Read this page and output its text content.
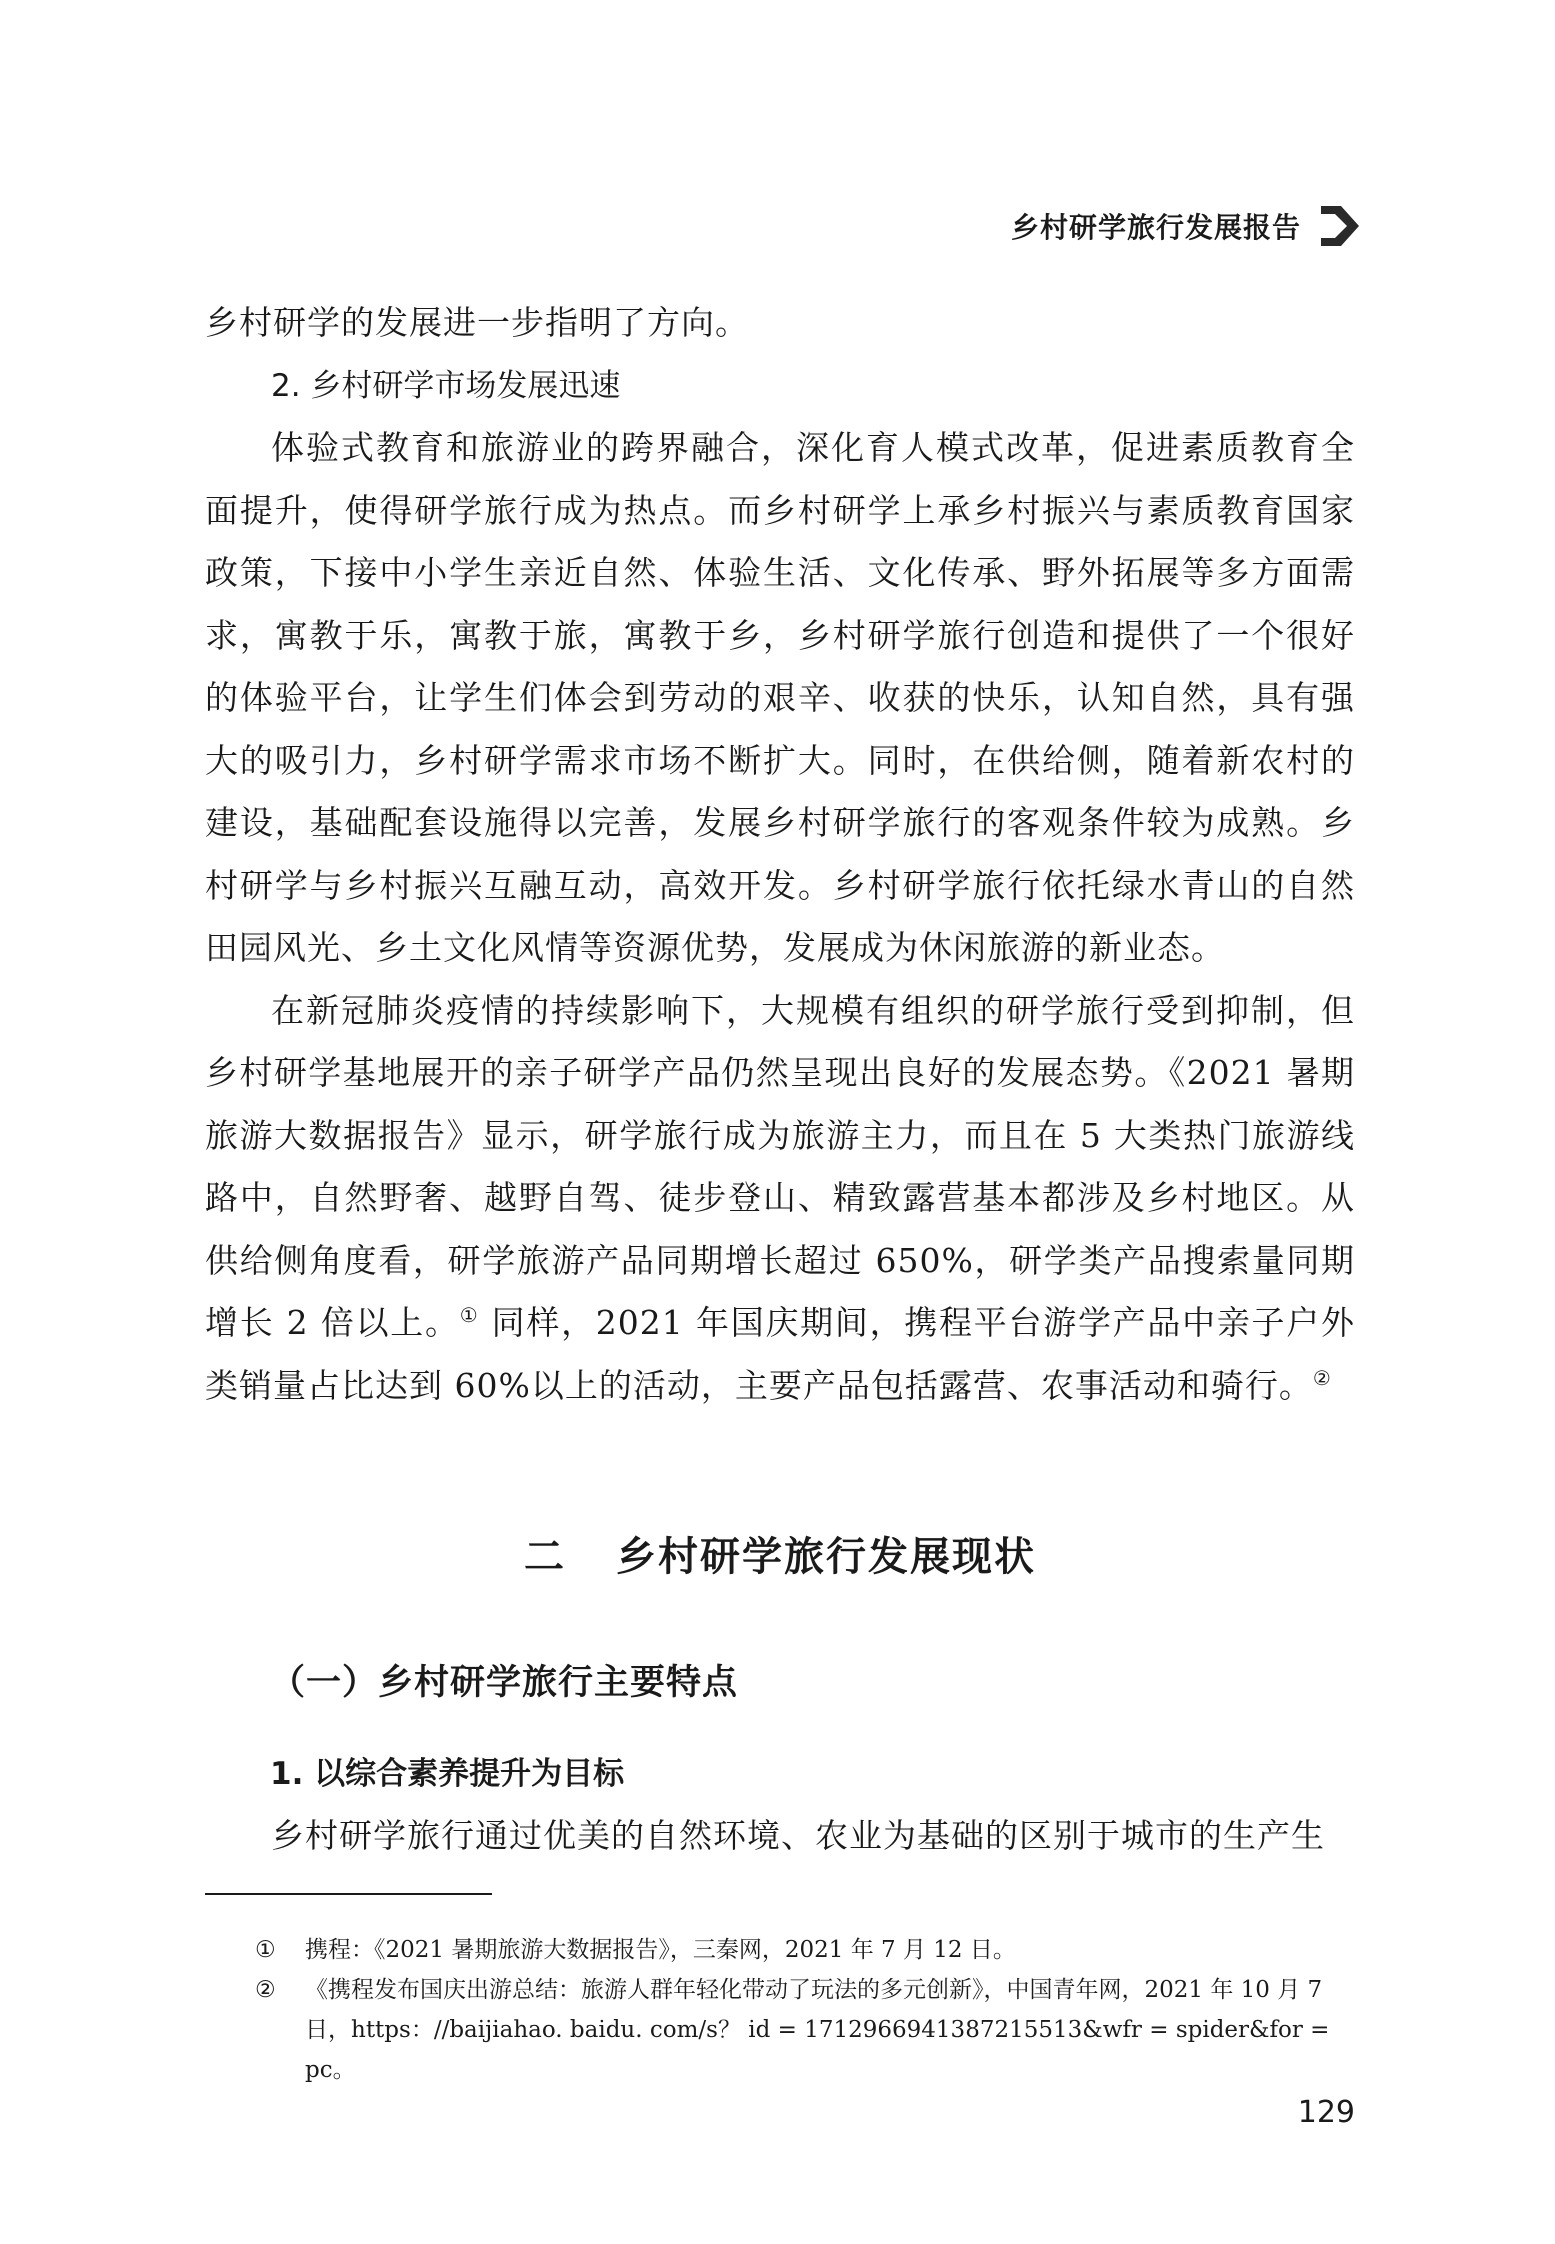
乡村研学旅行发展报告

乡村研学的发展进一步指明了方向。

2. 乡村研学市场发展迅速

体验式教育和旅游业的跨界融合，深化育人模式改革，促进素质教育全面提升，使得研学旅行成为热点。而乡村研学上承乡村振兴与素质教育国家政策，下接中小学生亲近自然、体验生活、文化传承、野外拓展等多方面需求，寓教于乐，寓教于旅，寓教于乡，乡村研学旅行创造和提供了一个很好的体验平台，让学生们体会到劳动的艰辛、收获的快乐，认知自然，具有强大的吸引力，乡村研学需求市场不断扩大。同时，在供给侧，随着新农村的建设，基础配套设施得以完善，发展乡村研学旅行的客观条件较为成熟。乡村研学与乡村振兴互融互动，高效开发。乡村研学旅行依托绿水青山的自然田园风光、乡土文化风情等资源优势，发展成为休闲旅游的新业态。

在新冠肺炎疫情的持续影响下，大规模有组织的研学旅行受到抑制，但乡村研学基地展开的亲子研学产品仍然呈现出良好的发展态势。《2021 暑期旅游大数据报告》显示，研学旅行成为旅游主力，而且在 5 大类热门旅游线路中，自然野奢、越野自驾、徒步登山、精致露营基本都涉及乡村地区。从供给侧角度看，研学旅游产品同期增长超过 650%，研学类产品搜索量同期增长 2 倍以上。① 同样，2021 年国庆期间，携程平台游学产品中亲子户外类销量占比达到 60%以上的活动，主要产品包括露营、农事活动和骑行。②

二 乡村研学旅行发展现状
（一）乡村研学旅行主要特点
1. 以综合素养提升为目标

乡村研学旅行通过优美的自然环境、农业为基础的区别于城市的生产生

①	携程：《2021 暑期旅游大数据报告》，三秦网，2021 年 7 月 12 日。

②	《携程发布国庆出游总结：旅游人群年轻化带动了玩法的多元创新》，中国青年网，2021 年 10 月 7 日，https：//baijiahao. baidu. com/s？ id = 1712966941387215513&wfr = spider&for = pc。

129
